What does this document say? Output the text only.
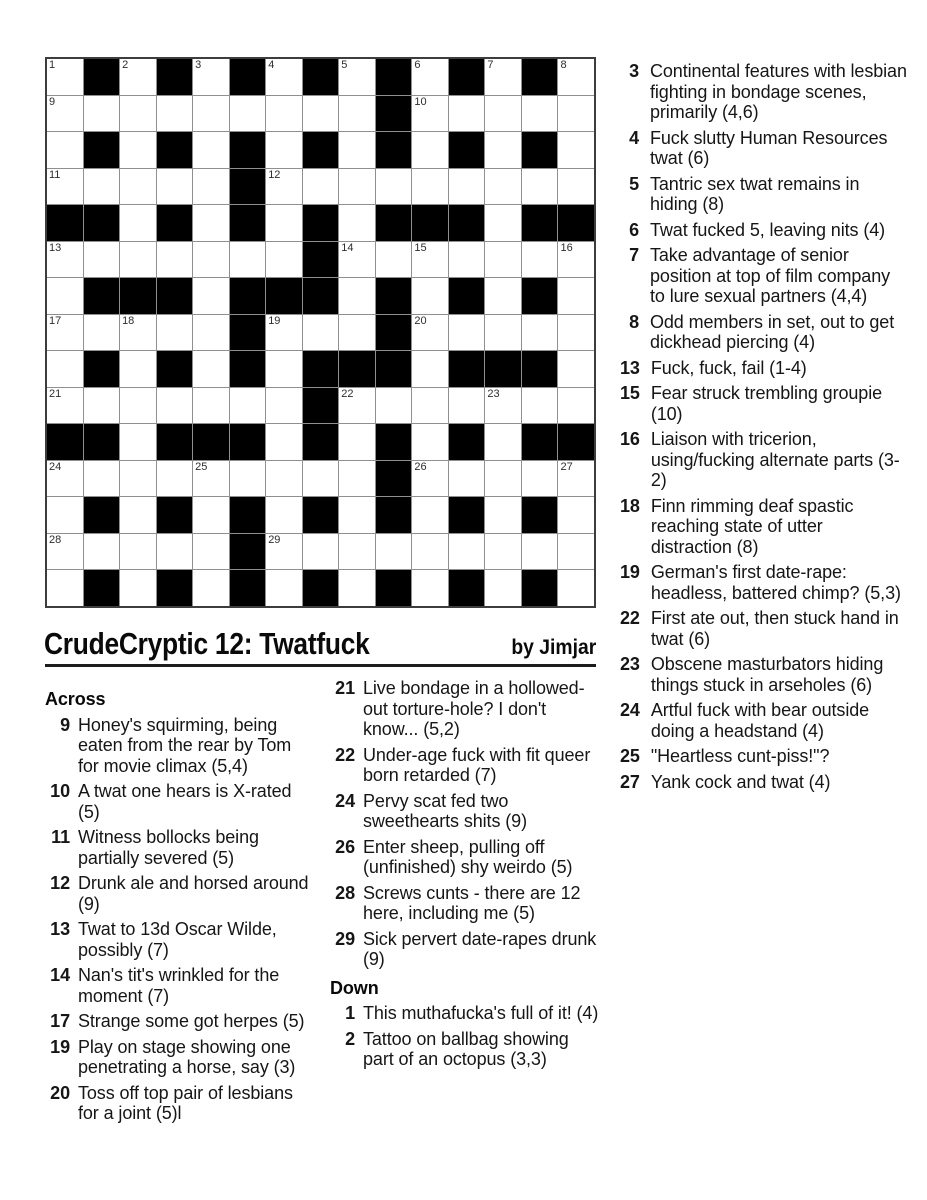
1	2	3	4	5	6	7	8
9	10
11	12
13	14	15	16
17	18	19	20
21	22	23
24	25	26	27
28	29
CrudeCryptic 12: Twatfuck	by Jimjar
Across
9 Honey's squirming, being eaten from the rear by Tom for movie climax (5,4)
10 A twat one hears is X-rated (5)
11 Witness bollocks being partially severed (5)
12 Drunk ale and horsed around (9)
13 Twat to 13d Oscar Wilde, possibly (7)
14 Nan's tit's wrinkled for the moment (7)
17 Strange some got herpes (5)
19 Play on stage showing one penetrating a horse, say (3)
20 Toss off top pair of lesbians for a joint (5)l
21 Live bondage in a hollowed-out torture-hole? I don't know... (5,2)
22 Under-age fuck with fit queer born retarded (7)
24 Pervy scat fed two sweethearts shits (9)
26 Enter sheep, pulling off (unfinished) shy weirdo (5)
28 Screws cunts - there are 12 here, including me (5)
29 Sick pervert date-rapes drunk (9)
Down
1 This muthafucka's full of it! (4)
2 Tattoo on ballbag showing part of an octopus (3,3)
3 Continental features with lesbian fighting in bondage scenes, primarily (4,6)
4 Fuck slutty Human Resources twat (6)
5 Tantric sex twat remains in hiding (8)
6 Twat fucked 5, leaving nits (4)
7 Take advantage of senior position at top of film company to lure sexual partners (4,4)
8 Odd members in set, out to get dickhead piercing (4)
13 Fuck, fuck, fail (1-4)
15 Fear struck trembling groupie (10)
16 Liaison with tricerion, using/fucking alternate parts (3-2)
18 Finn rimming deaf spastic reaching state of utter distraction (8)
19 German's first date-rape: headless, battered chimp? (5,3)
22 First ate out, then stuck hand in twat (6)
23 Obscene masturbators hiding things stuck in arseholes (6)
24 Artful fuck with bear outside doing a headstand (4)
25 "Heartless cunt-piss!"?
27 Yank cock and twat (4)
